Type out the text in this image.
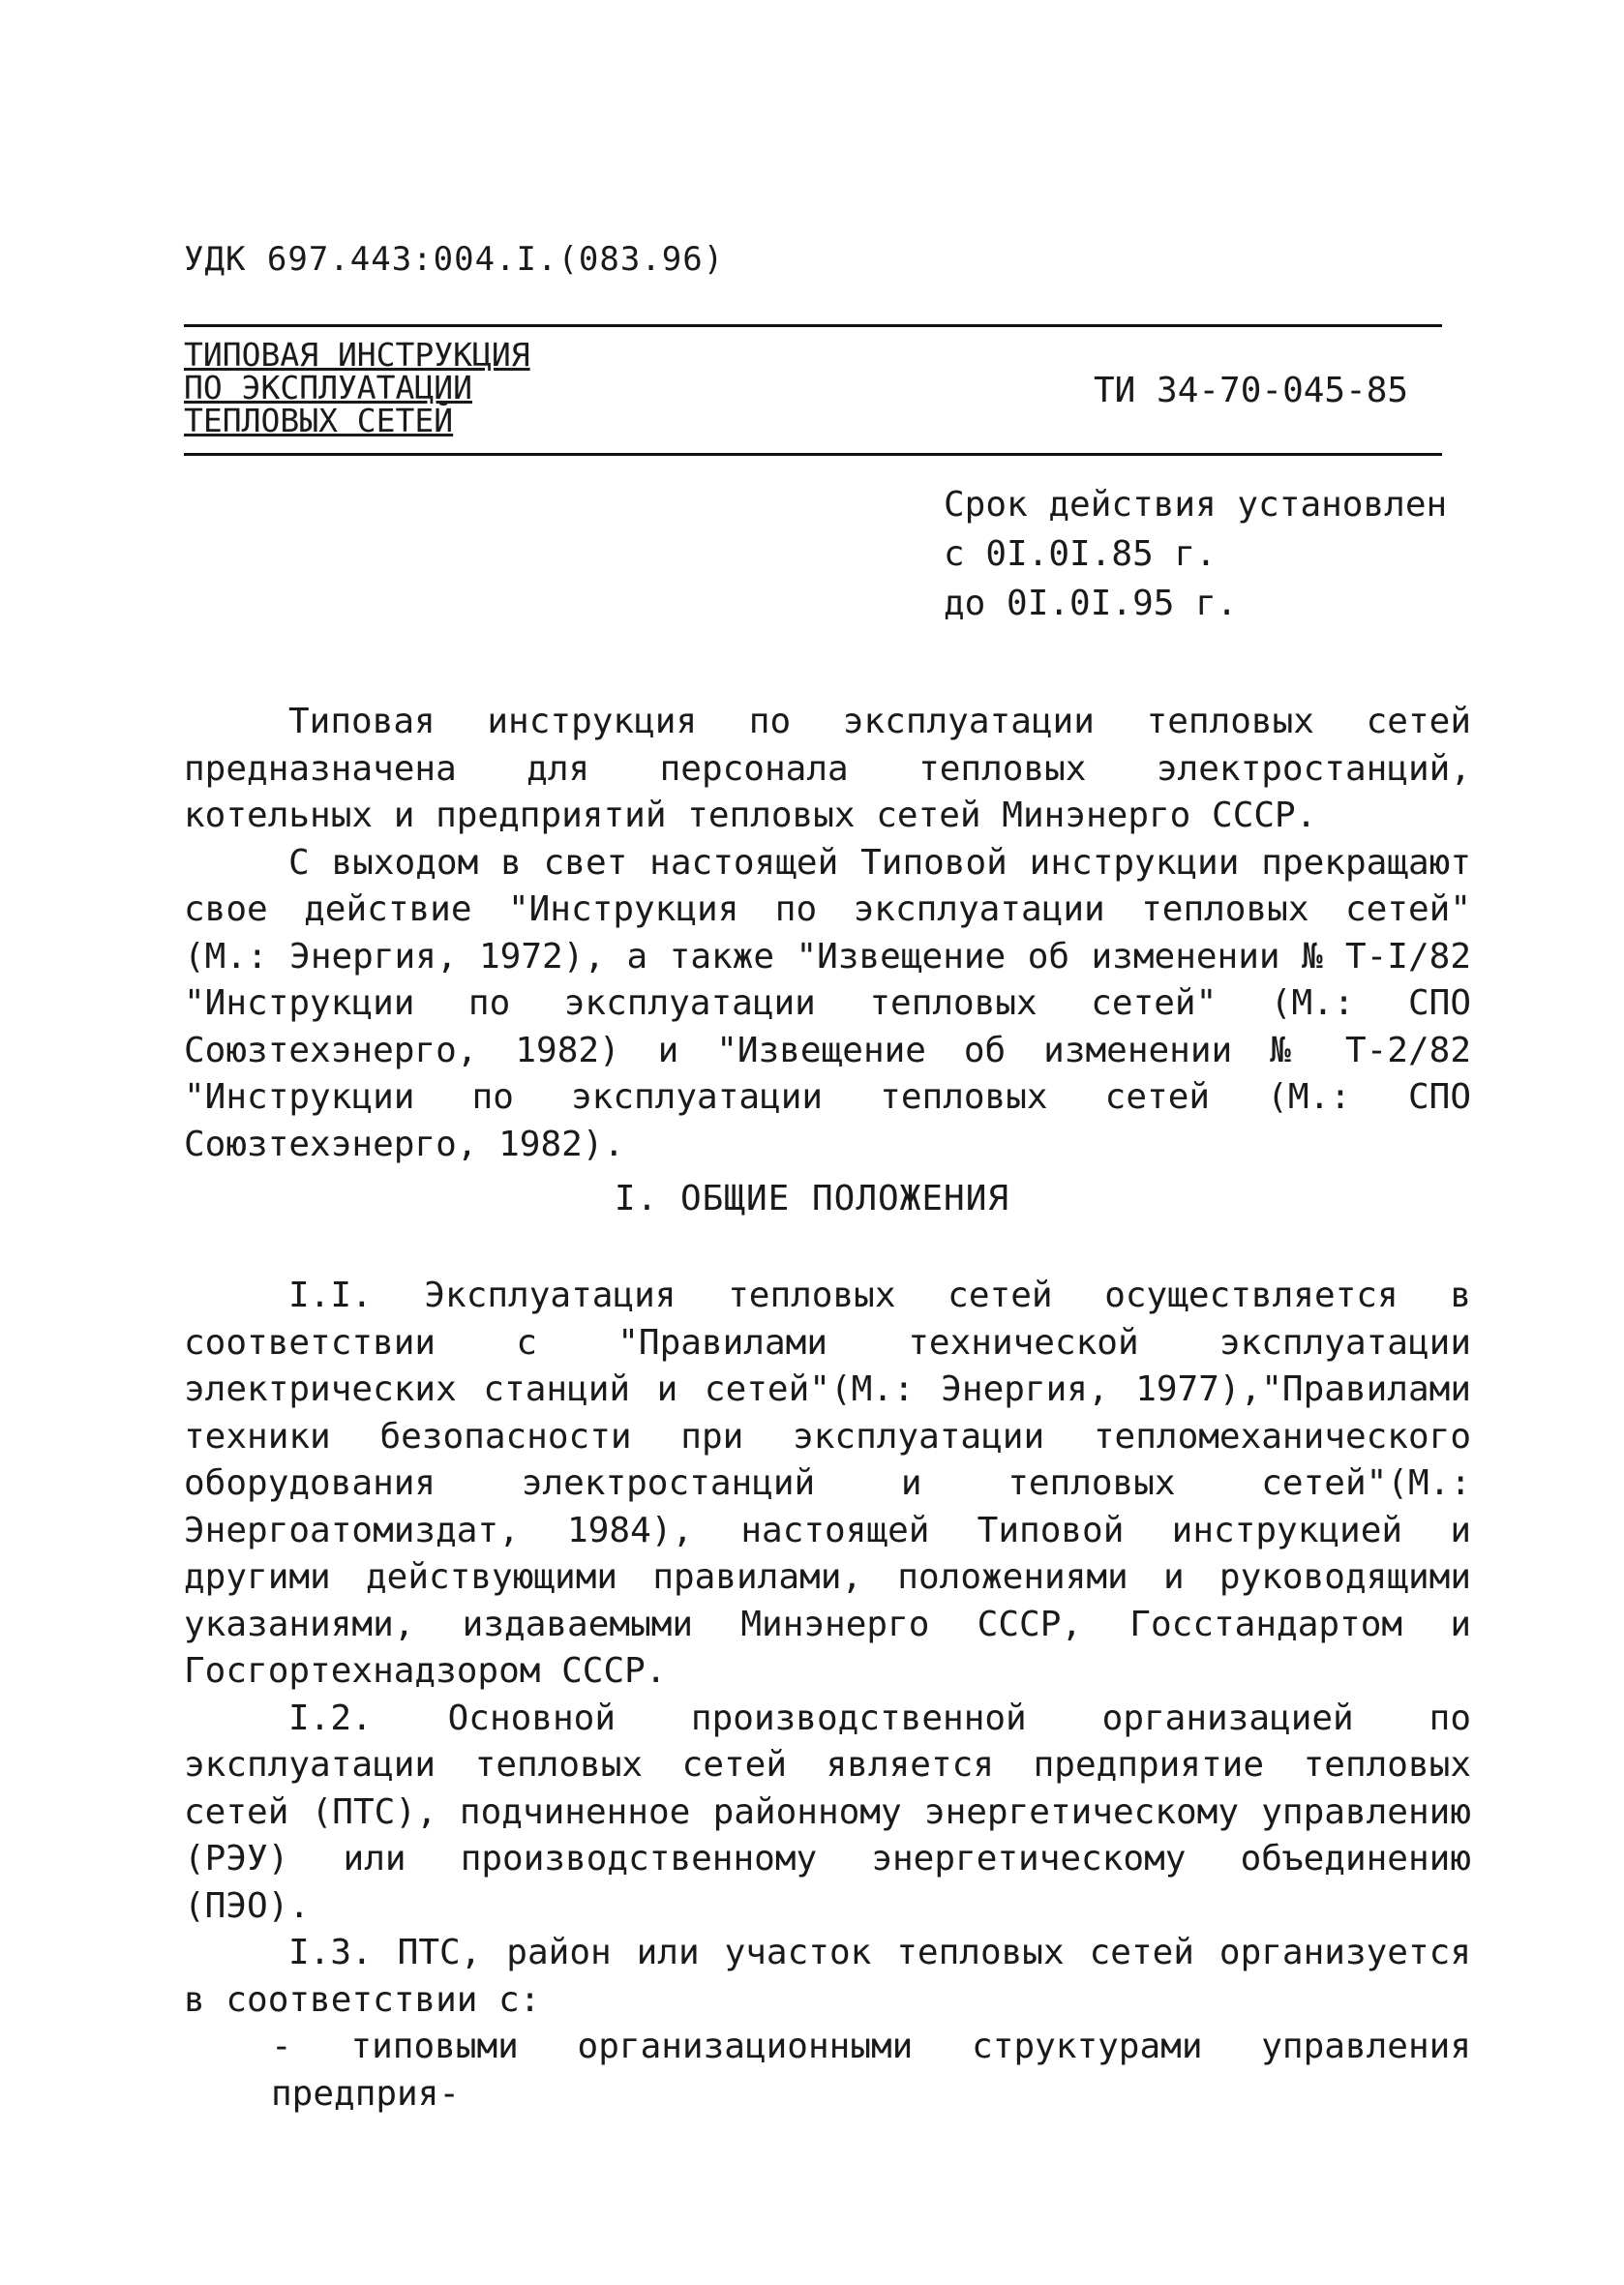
УДК 697.443:004.I.(083.96)
ТИПОВАЯ ИНСТРУКЦИЯ
ПО ЭКСПЛУАТАЦИИ
ТЕПЛОВЫХ СЕТЕЙ
ТИ 34-70-045-85
Срок действия установлен
с 0I.0I.85 г.
до 0I.0I.95 г.

Типовая инструкция по эксплуатации тепловых сетей предназначена для персонала тепловых электростанций, котельных и предприятий тепловых сетей Минэнерго СССР.

С выходом в свет настоящей Типовой инструкции прекращают свое действие "Инструкция по эксплуатации тепловых сетей" (М.: Энергия, 1972), а также "Извещение об изменении № Т-I/82 "Инструкции по эксплуатации тепловых сетей" (М.: СПО Союзтехэнерго, 1982) и "Извещение об изменении № Т-2/82 "Инструкции по эксплуатации тепловых сетей (М.: СПО Союзтехэнерго, 1982).

I. ОБЩИЕ ПОЛОЖЕНИЯ

I.I. Эксплуатация тепловых сетей осуществляется в соответствии с "Правилами технической эксплуатации электрических станций и сетей"(М.: Энергия, 1977),"Правилами техники безопасности при эксплуатации тепломеханического оборудования электростанций и тепловых сетей"(М.: Энергоатомиздат, 1984), настоящей Типовой инструкцией и другими действующими правилами, положениями и руководящими указаниями, издаваемыми Минэнерго СССР, Госстандартом и Госгортехнадзором СССР.

I.2. Основной производственной организацией по эксплуатации тепловых сетей является предприятие тепловых сетей (ПТС), подчиненное районному энергетическому управлению (РЭУ) или производственному энергетическому объединению (ПЭО).

I.3. ПТС, район или участок тепловых сетей организуется в соответствии с:

- типовыми организационными структурами управления предприя-
